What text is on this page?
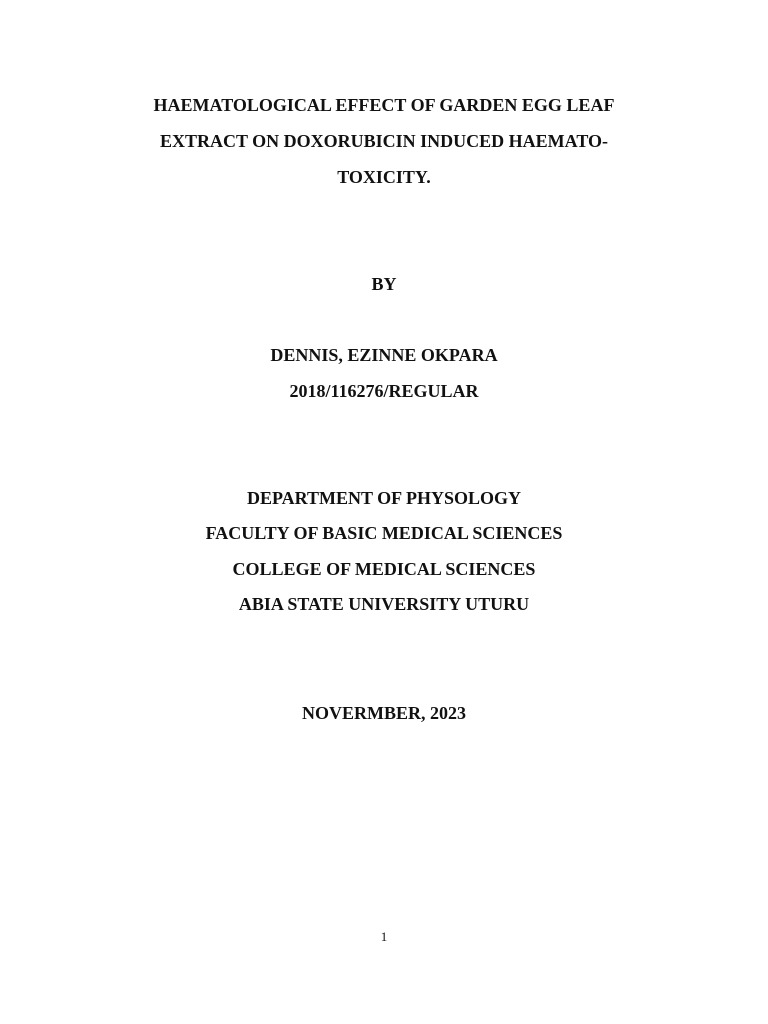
HAEMATOLOGICAL EFFECT OF GARDEN EGG LEAF

EXTRACT ON DOXORUBICIN INDUCED HAEMATO-

TOXICITY.

BY

DENNIS, EZINNE OKPARA

2018/116276/REGULAR

DEPARTMENT OF PHYSOLOGY

FACULTY OF BASIC MEDICAL SCIENCES

COLLEGE OF MEDICAL SCIENCES

ABIA STATE UNIVERSITY UTURU

NOVERMBER, 2023

1
